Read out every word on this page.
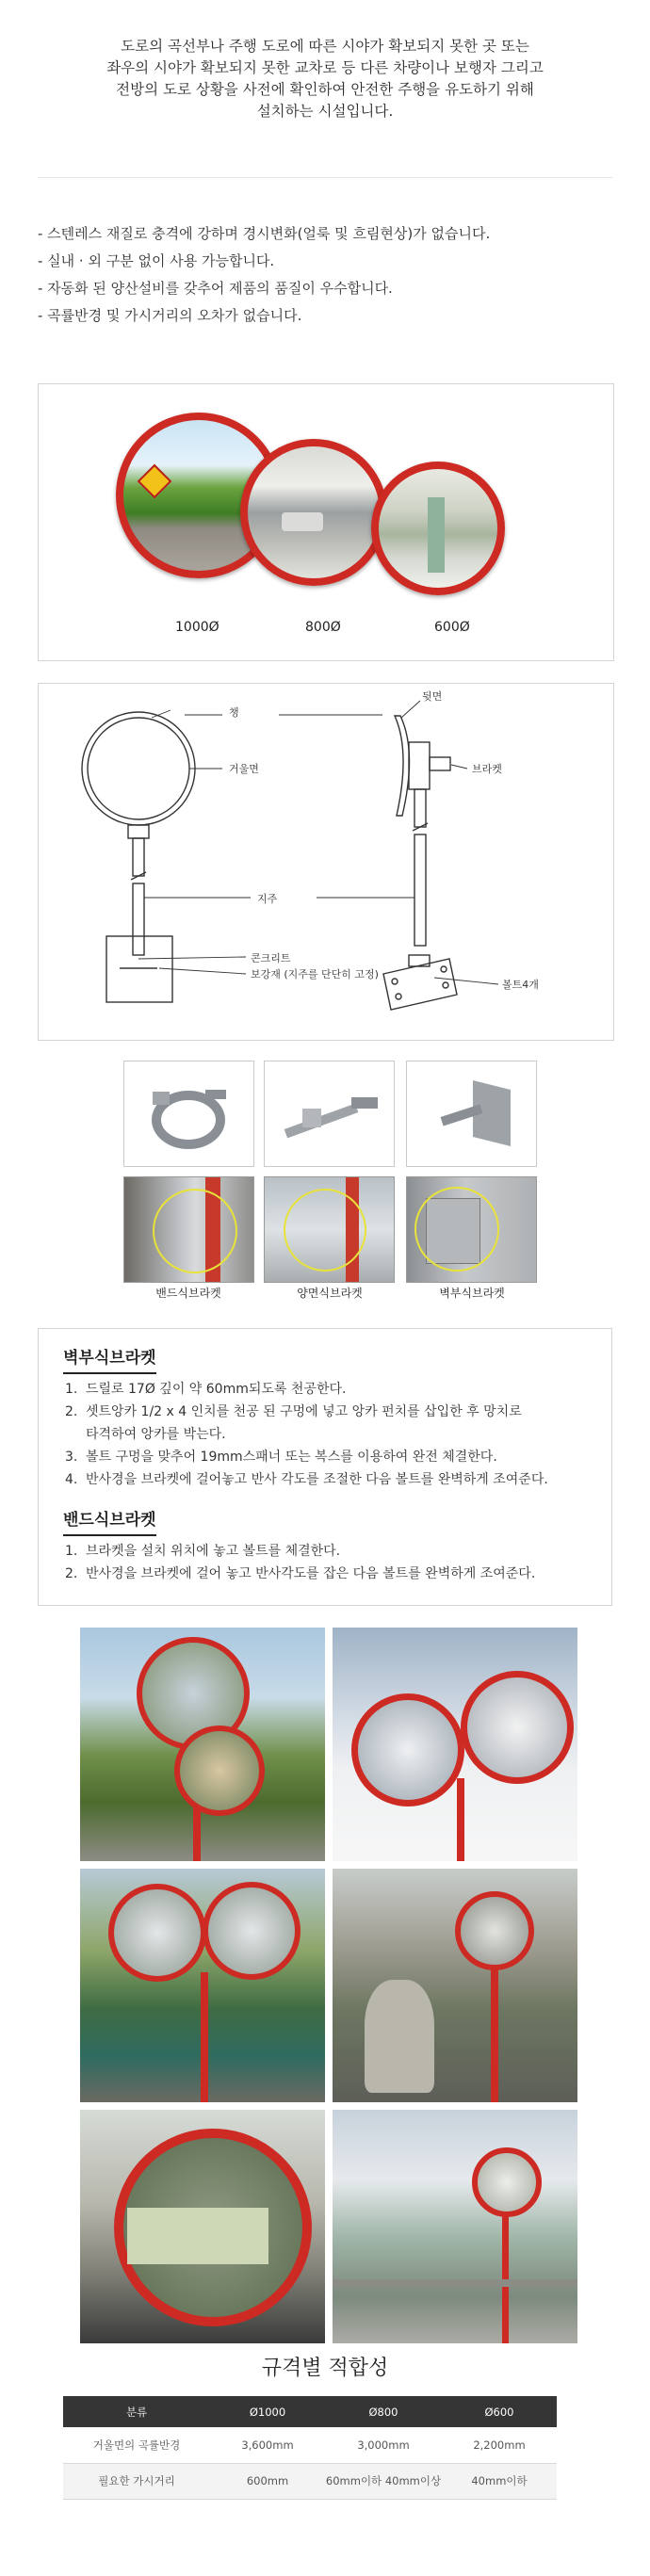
도로의 곡선부나 주행 도로에 따른 시야가 확보되지 못한 곳 또는

좌우의 시야가 확보되지 못한 교차로 등 다른 차량이나 보행자 그리고

전방의 도로 상황을 사전에 확인하여 안전한 주행을 유도하기 위해

설치하는 시설입니다.

- 스텐레스 재질로 충격에 강하며 경시변화(얼룩 및 흐림현상)가 없습니다.
- 실내 · 외 구분 없이 사용 가능합니다.
- 자동화 된 양산설비를 갖추어 제품의 품질이 우수합니다.
- 곡률반경 및 가시거리의 오차가 없습니다.
1000Ø	800Ø	600Ø
챙
거울면
지주
콘크리트
보강재 (지주를 단단히 고정)
뒷면
브라켓
볼트4개
밴드식브라켓	양면식브라켓	벽부식브라켓
벽부식브라켓
1. 드릴로 17Ø 깊이 약 60mm되도록 천공한다.
2. 셋트앙카 1/2 x 4 인치를 천공 된 구멍에 넣고 앙카 펀치를 삽입한 후 망치로
타격하여 앙카를 박는다.
3. 볼트 구멍을 맞추어 19mm스패너 또는 복스를 이용하여 완전 체결한다.
4. 반사경을 브라켓에 걸어놓고 반사 각도를 조절한 다음 볼트를 완벽하게 조여준다.
밴드식브라켓
1. 브라켓을 설치 위치에 놓고 볼트를 체결한다.
2. 반사경을 브라켓에 걸어 놓고 반사각도를 잡은 다음 볼트를 완벽하게 조여준다.
규격별 적합성
분류	Ø1000	Ø800	Ø600
거울면의 곡률반경	3,600mm	3,000mm	2,200mm
필요한 가시거리	600mm	60mm이하 40mm이상	40mm이하
